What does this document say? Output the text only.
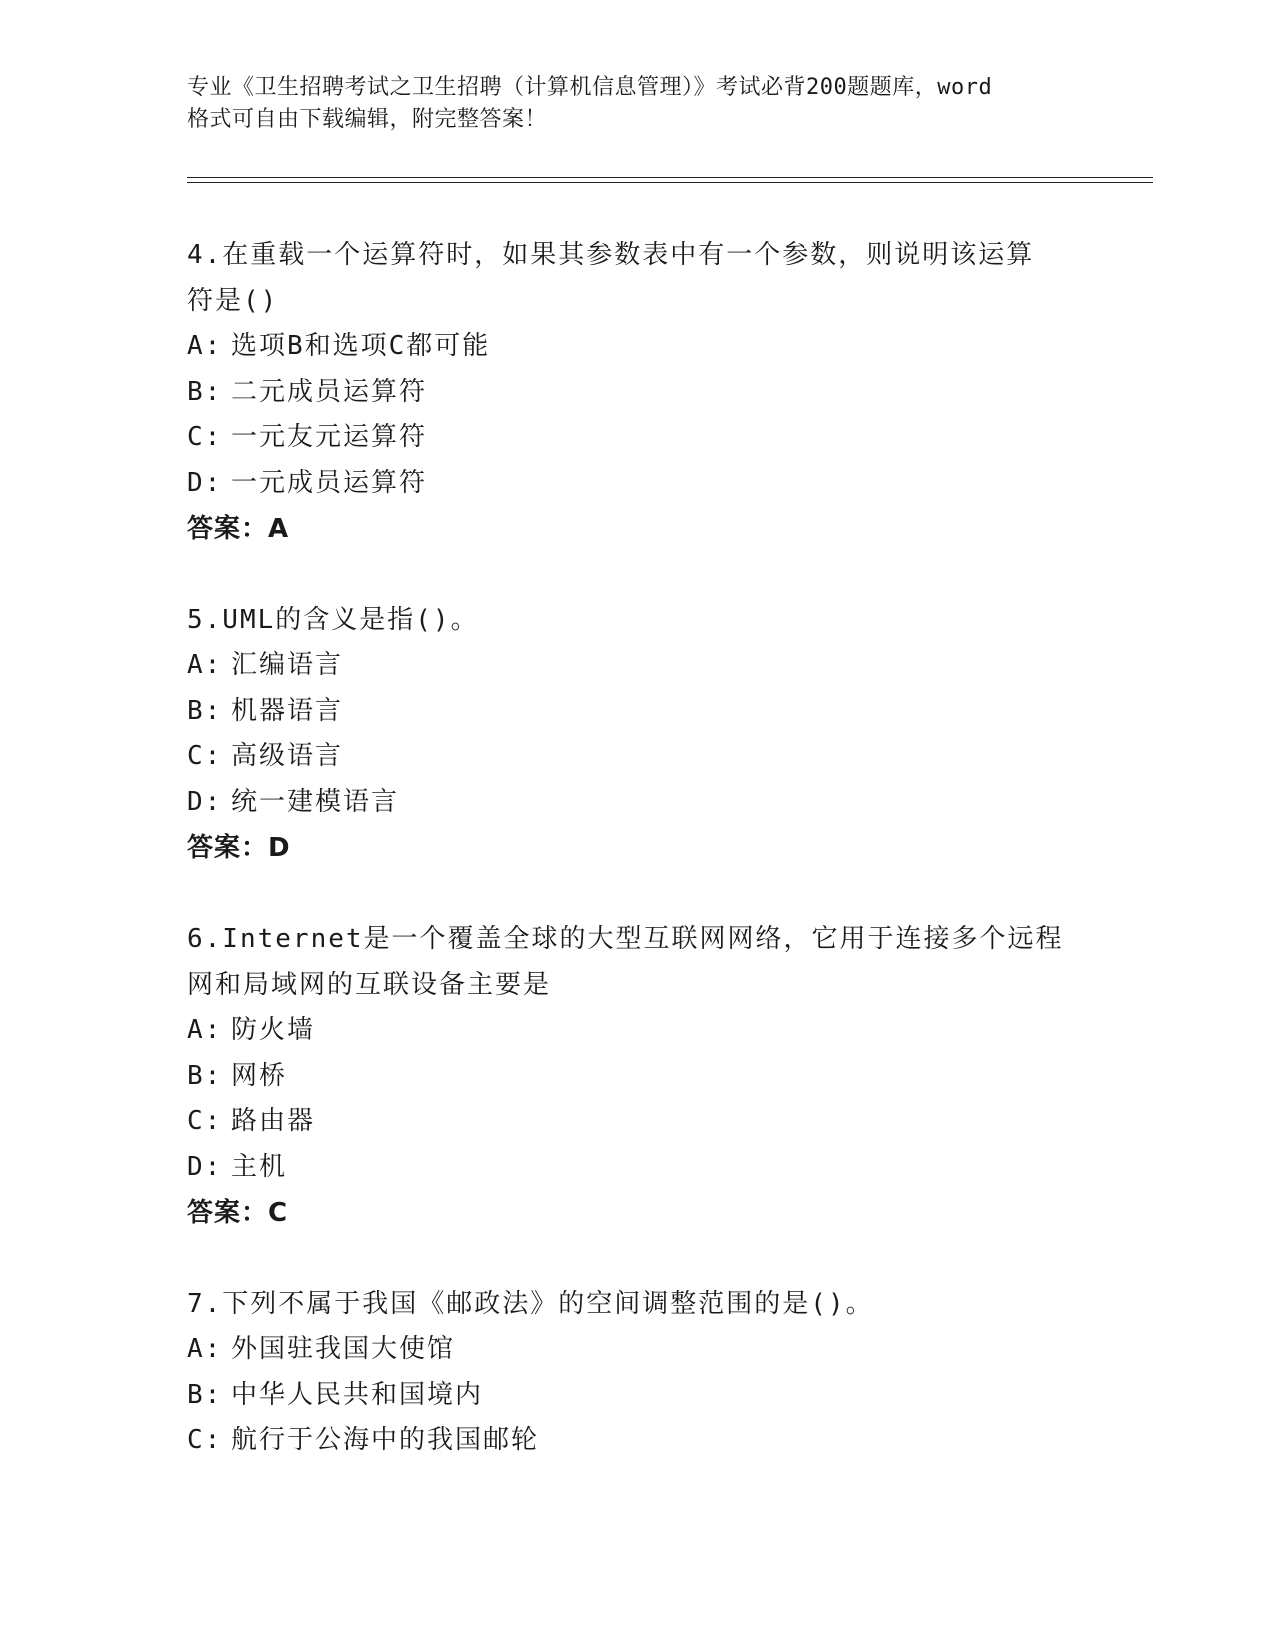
专业《卫生招聘考试之卫生招聘（计算机信息管理）》考试必背200题题库，word
格式可自由下载编辑，附完整答案！
4.在重载一个运算符时，如果其参数表中有一个参数，则说明该运算
符是()
A: 选项B和选项C都可能
B: 二元成员运算符
C: 一元友元运算符
D: 一元成员运算符
答案：A
5.UML的含义是指()。
A: 汇编语言
B: 机器语言
C: 高级语言
D: 统一建模语言
答案：D
6.Internet是一个覆盖全球的大型互联网网络，它用于连接多个远程
网和局域网的互联设备主要是
A: 防火墙
B: 网桥
C: 路由器
D: 主机
答案：C
7.下列不属于我国《邮政法》的空间调整范围的是()。
A: 外国驻我国大使馆
B: 中华人民共和国境内
C: 航行于公海中的我国邮轮
